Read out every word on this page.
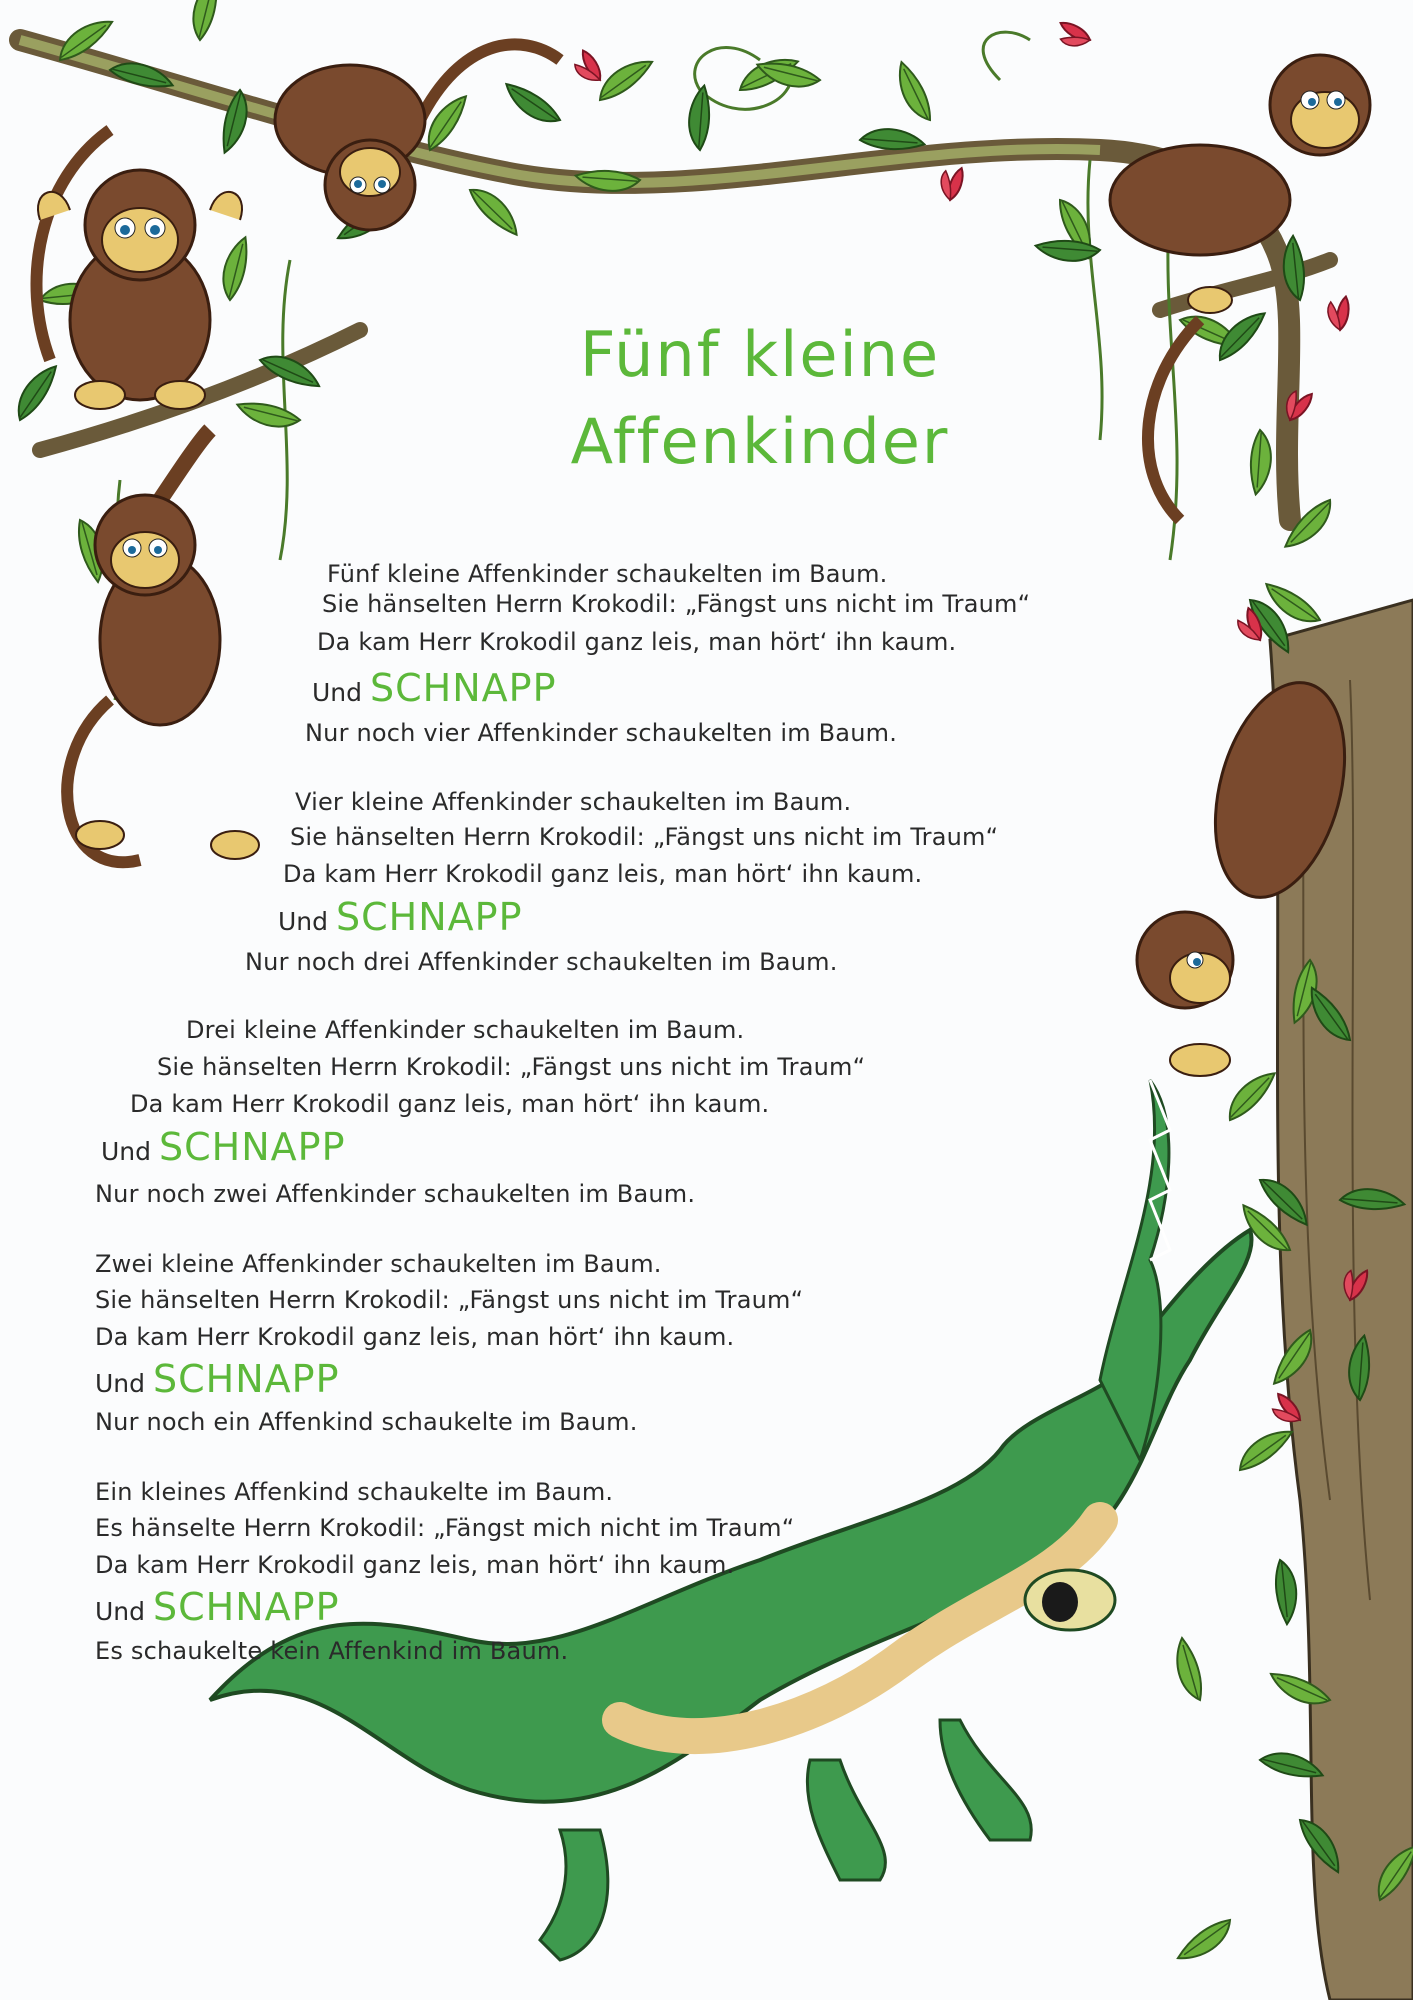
Fünf kleine
Affenkinder
Fünf kleine Affenkinder schaukelten im Baum.
Sie hänselten Herrn Krokodil: „Fängst uns nicht im Traum“
Da kam Herr Krokodil ganz leis, man hört‘ ihn kaum.
Und SCHNAPP
Nur noch vier Affenkinder schaukelten im Baum.
Vier kleine Affenkinder schaukelten im Baum.
Sie hänselten Herrn Krokodil: „Fängst uns nicht im Traum“
Da kam Herr Krokodil ganz leis, man hört‘ ihn kaum.
Und SCHNAPP
Nur noch drei Affenkinder schaukelten im Baum.
Drei kleine Affenkinder schaukelten im Baum.
Sie hänselten Herrn Krokodil: „Fängst uns nicht im Traum“
Da kam Herr Krokodil ganz leis, man hört‘ ihn kaum.
Und SCHNAPP
Nur noch zwei Affenkinder schaukelten im Baum.
Zwei kleine Affenkinder schaukelten im Baum.
Sie hänselten Herrn Krokodil: „Fängst uns nicht im Traum“
Da kam Herr Krokodil ganz leis, man hört‘ ihn kaum.
Und SCHNAPP
Nur noch ein Affenkind schaukelte im Baum.
Ein kleines Affenkind schaukelte im Baum.
Es hänselte Herrn Krokodil: „Fängst mich nicht im Traum“
Da kam Herr Krokodil ganz leis, man hört‘ ihn kaum.
Und SCHNAPP
Es schaukelte kein Affenkind im Baum.
